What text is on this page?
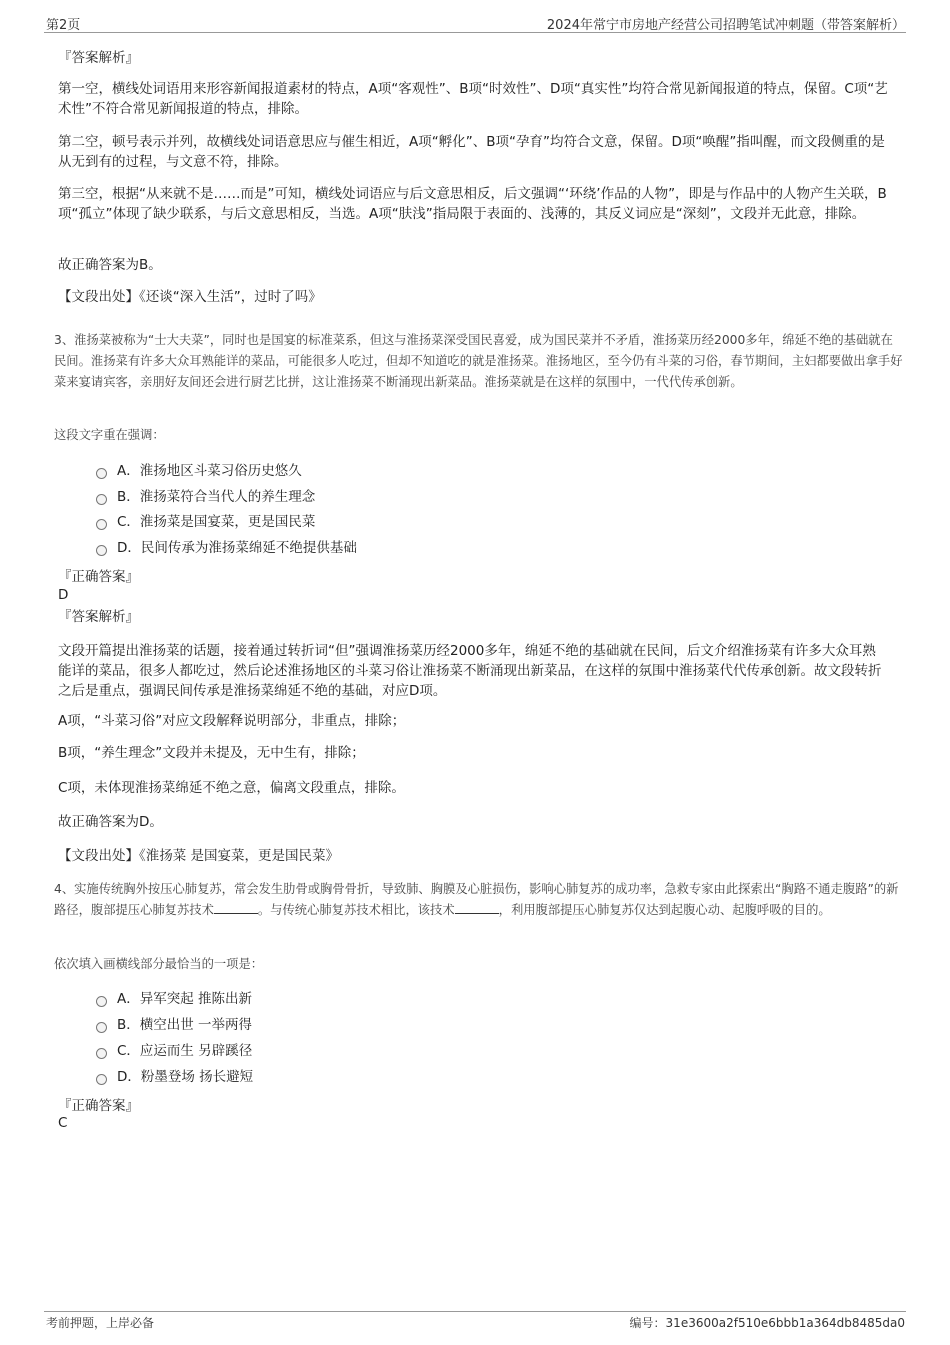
第2页	2024年常宁市房地产经营公司招聘笔试冲刺题（带答案解析）
『答案解析』
第一空，横线处词语用来形容新闻报道素材的特点，A项“客观性”、B项“时效性”、D项“真实性”均符合常见新闻报道的特点，保留。C项“艺术性”不符合常见新闻报道的特点，排除。
第二空，顿号表示并列，故横线处词语意思应与催生相近，A项“孵化”、B项“孕育”均符合文意，保留。D项“唤醒”指叫醒，而文段侧重的是从无到有的过程，与文意不符，排除。
第三空，根据“从来就不是……而是”可知，横线处词语应与后文意思相反，后文强调“‘环绕’作品的人物”，即是与作品中的人物产生关联，B项“孤立”体现了缺少联系，与后文意思相反，当选。A项“肤浅”指局限于表面的、浅薄的，其反义词应是“深刻”，文段并无此意，排除。
故正确答案为B。
【文段出处】《还谈“深入生活”，过时了吗》
3、淮扬菜被称为“士大夫菜”，同时也是国宴的标准菜系，但这与淮扬菜深受国民喜爱，成为国民菜并不矛盾，淮扬菜历经2000多年，绵延不绝的基础就在民间。淮扬菜有许多大众耳熟能详的菜品，可能很多人吃过，但却不知道吃的就是淮扬菜。淮扬地区，至今仍有斗菜的习俗，春节期间，主妇都要做出拿手好菜来宴请宾客，亲朋好友间还会进行厨艺比拼，这让淮扬菜不断涌现出新菜品。淮扬菜就是在这样的氛围中，一代代传承创新。
这段文字重在强调：
A．淮扬地区斗菜习俗历史悠久
B．淮扬菜符合当代人的养生理念
C．淮扬菜是国宴菜，更是国民菜
D．民间传承为淮扬菜绵延不绝提供基础
『正确答案』
D
『答案解析』
文段开篇提出淮扬菜的话题，接着通过转折词“但”强调淮扬菜历经2000多年，绵延不绝的基础就在民间，后文介绍淮扬菜有许多大众耳熟能详的菜品，很多人都吃过，然后论述淮扬地区的斗菜习俗让淮扬菜不断涌现出新菜品，在这样的氛围中淮扬菜代代传承创新。故文段转折之后是重点，强调民间传承是淮扬菜绵延不绝的基础，对应D项。
A项，“斗菜习俗”对应文段解释说明部分，非重点，排除；
B项，“养生理念”文段并未提及，无中生有，排除；
C项，未体现淮扬菜绵延不绝之意，偏离文段重点，排除。
故正确答案为D。
【文段出处】《淮扬菜 是国宴菜，更是国民菜》
4、实施传统胸外按压心肺复苏，常会发生肋骨或胸骨骨折，导致肺、胸膜及心脏损伤，影响心肺复苏的成功率，急救专家由此探索出“胸路不通走腹路”的新路径，腹部提压心肺复苏技术	。与传统心肺复苏技术相比，该技术	，利用腹部提压心肺复苏仅达到起腹心动、起腹呼吸的目的。
依次填入画横线部分最恰当的一项是：
A．异军突起 推陈出新
B．横空出世 一举两得
C．应运而生 另辟蹊径
D．粉墨登场 扬长避短
『正确答案』
C
考前押题，上岸必备	编号：31e3600a2f510e6bbb1a364db8485da0
